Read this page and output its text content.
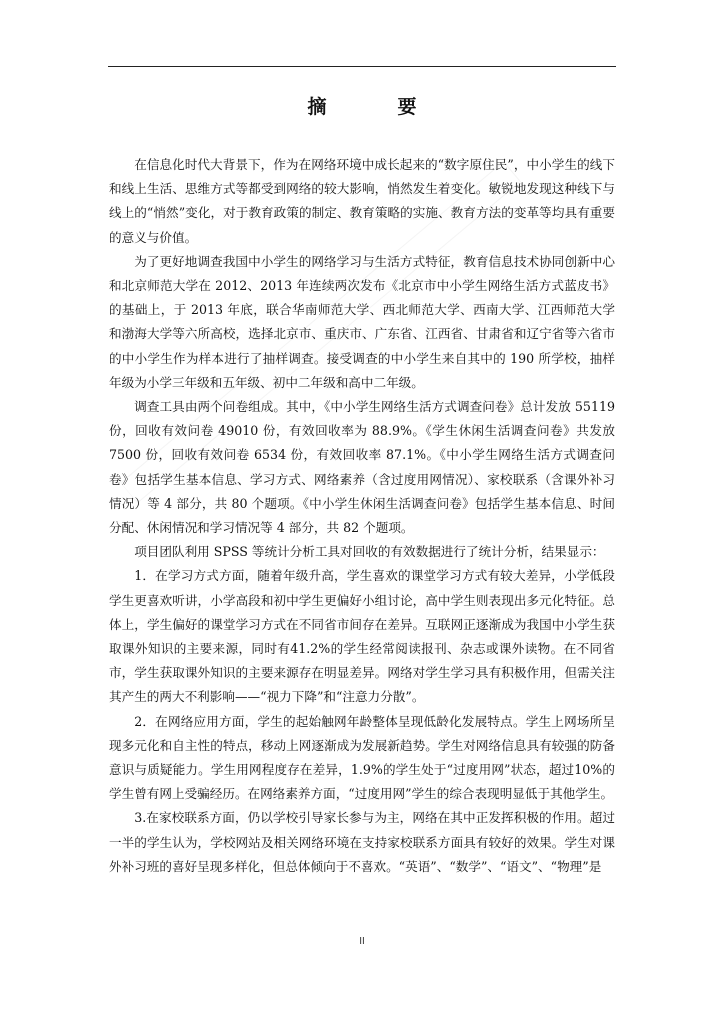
摘　要

在信息化时代大背景下，作为在网络环境中成长起来的“数字原住民”，中小学生的线下和线上生活、思维方式等都受到网络的较大影响，悄然发生着变化。敏锐地发现这种线下与线上的“悄然”变化，对于教育政策的制定、教育策略的实施、教育方法的变革等均具有重要的意义与价值。

为了更好地调查我国中小学生的网络学习与生活方式特征，教育信息技术协同创新中心和北京师范大学在 2012、2013 年连续两次发布《北京市中小学生网络生活方式蓝皮书》的基础上，于 2013 年底，联合华南师范大学、西北师范大学、西南大学、江西师范大学和渤海大学等六所高校，选择北京市、重庆市、广东省、江西省、甘肃省和辽宁省等六省市的中小学生作为样本进行了抽样调查。接受调查的中小学生来自其中的 190 所学校，抽样年级为小学三年级和五年级、初中二年级和高中二年级。

调查工具由两个问卷组成。其中，《中小学生网络生活方式调查问卷》总计发放 55119 份，回收有效问卷 49010 份，有效回收率为 88.9%。《学生休闲生活调查问卷》共发放 7500 份，回收有效问卷 6534 份，有效回收率 87.1%。《中小学生网络生活方式调查问卷》包括学生基本信息、学习方式、网络素养（含过度用网情况）、家校联系（含课外补习情况）等 4 部分，共 80 个题项。《中小学生休闲生活调查问卷》包括学生基本信息、时间分配、休闲情况和学习情况等 4 部分，共 82 个题项。

项目团队利用 SPSS 等统计分析工具对回收的有效数据进行了统计分析，结果显示：

1．在学习方式方面，随着年级升高，学生喜欢的课堂学习方式有较大差异，小学低段学生更喜欢听讲，小学高段和初中学生更偏好小组讨论，高中学生则表现出多元化特征。总体上，学生偏好的课堂学习方式在不同省市间存在差异。互联网正逐渐成为我国中小学生获取课外知识的主要来源，同时有41.2%的学生经常阅读报刊、杂志或课外读物。在不同省市，学生获取课外知识的主要来源存在明显差异。网络对学生学习具有积极作用，但需关注其产生的两大不利影响——“视力下降”和“注意力分散”。

2．在网络应用方面，学生的起始触网年龄整体呈现低龄化发展特点。学生上网场所呈现多元化和自主性的特点，移动上网逐渐成为发展新趋势。学生对网络信息具有较强的防备意识与质疑能力。学生用网程度存在差异，1.9%的学生处于“过度用网”状态，超过10%的学生曾有网上受骗经历。在网络素养方面，“过度用网”学生的综合表现明显低于其他学生。

3.在家校联系方面，仍以学校引导家长参与为主，网络在其中正发挥积极的作用。超过一半的学生认为，学校网站及相关网络环境在支持家校联系方面具有较好的效果。学生对课外补习班的喜好呈现多样化，但总体倾向于不喜欢。“英语”、“数学”、“语文”、“物理”是

II
